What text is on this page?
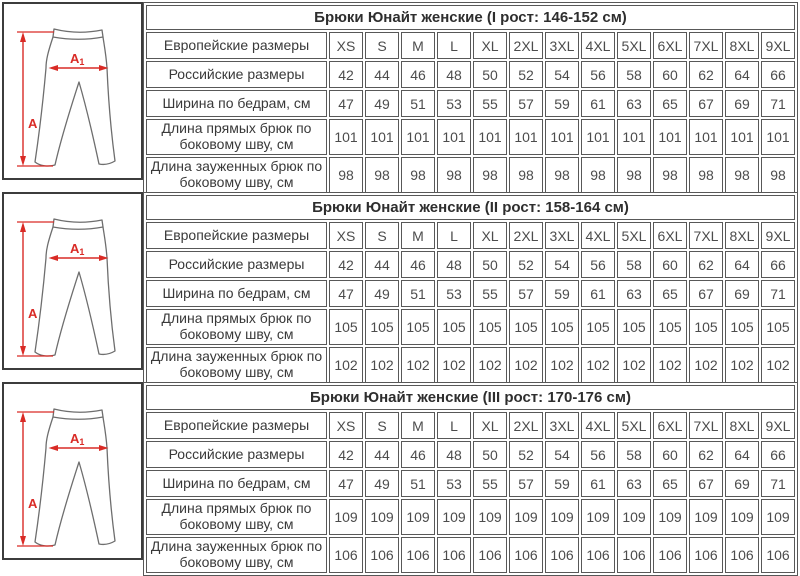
A
A1
Брюки Юнайт женские (I рост: 146-152 см)													
Европейские размеры	XS	S	M	L	XL	2XL	3XL	4XL	5XL	6XL	7XL	8XL	9XL
Российские размеры	42	44	46	48	50	52	54	56	58	60	62	64	66
Ширина по бедрам, см	47	49	51	53	55	57	59	61	63	65	67	69	71
Длина прямых брюк по боковому шву, см	101	101	101	101	101	101	101	101	101	101	101	101	101
Длина зауженных брюк по боковому шву, см	98	98	98	98	98	98	98	98	98	98	98	98	98
A
A1
Брюки Юнайт женские (II рост: 158-164 см)													
Европейские размеры	XS	S	M	L	XL	2XL	3XL	4XL	5XL	6XL	7XL	8XL	9XL
Российские размеры	42	44	46	48	50	52	54	56	58	60	62	64	66
Ширина по бедрам, см	47	49	51	53	55	57	59	61	63	65	67	69	71
Длина прямых брюк по боковому шву, см	105	105	105	105	105	105	105	105	105	105	105	105	105
Длина зауженных брюк по боковому шву, см	102	102	102	102	102	102	102	102	102	102	102	102	102
A
A1
Брюки Юнайт женские (III рост: 170-176 см)													
Европейские размеры	XS	S	M	L	XL	2XL	3XL	4XL	5XL	6XL	7XL	8XL	9XL
Российские размеры	42	44	46	48	50	52	54	56	58	60	62	64	66
Ширина по бедрам, см	47	49	51	53	55	57	59	61	63	65	67	69	71
Длина прямых брюк по боковому шву, см	109	109	109	109	109	109	109	109	109	109	109	109	109
Длина зауженных брюк по боковому шву, см	106	106	106	106	106	106	106	106	106	106	106	106	106
